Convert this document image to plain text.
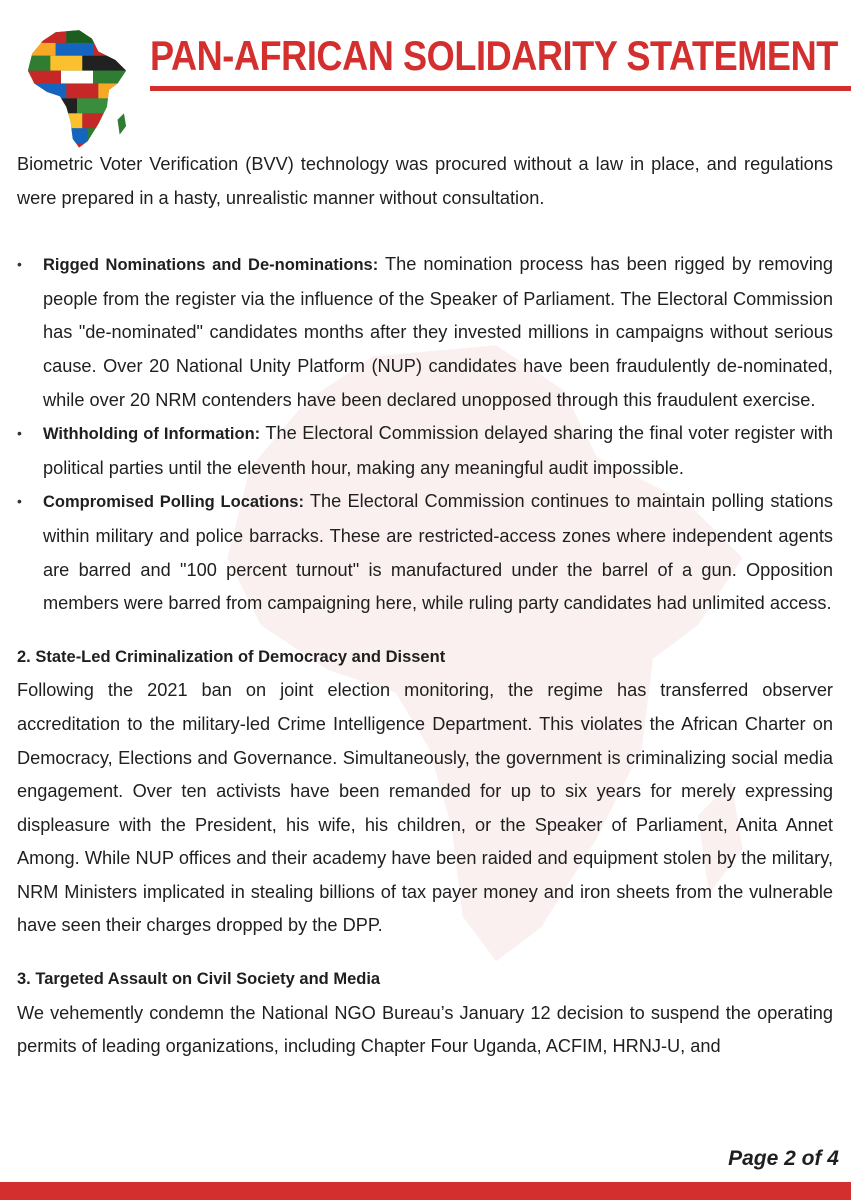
PAN-AFRICAN SOLIDARITY STATEMENT

Biometric Voter Verification (BVV) technology was procured without a law in place, and regulations were prepared in a hasty, unrealistic manner without consultation.

• Rigged Nominations and De-nominations: The nomination process has been rigged by removing people from the register via the influence of the Speaker of Parliament. The Electoral Commission has "de-nominated" candidates months after they invested millions in campaigns without serious cause. Over 20 National Unity Platform (NUP) candidates have been fraudulently de-nominated, while over 20 NRM contenders have been declared unopposed through this fraudulent exercise.
• Withholding of Information: The Electoral Commission delayed sharing the final voter register with political parties until the eleventh hour, making any meaningful audit impossible.
• Compromised Polling Locations: The Electoral Commission continues to maintain polling stations within military and police barracks. These are restricted-access zones where independent agents are barred and "100 percent turnout" is manufactured under the barrel of a gun. Opposition members were barred from campaigning here, while ruling party candidates had unlimited access.

2. State-Led Criminalization of Democracy and Dissent

Following the 2021 ban on joint election monitoring, the regime has transferred observer accreditation to the military-led Crime Intelligence Department. This violates the African Charter on Democracy, Elections and Governance. Simultaneously, the government is criminalizing social media engagement. Over ten activists have been remanded for up to six years for merely expressing displeasure with the President, his wife, his children, or the Speaker of Parliament, Anita Annet Among. While NUP offices and their academy have been raided and equipment stolen by the military, NRM Ministers implicated in stealing billions of tax payer money and iron sheets from the vulnerable have seen their charges dropped by the DPP.

3. Targeted Assault on Civil Society and Media

We vehemently condemn the National NGO Bureau’s January 12 decision to suspend the operating permits of leading organizations, including Chapter Four Uganda, ACFIM, HRNJ-U, and

Page 2 of 4
